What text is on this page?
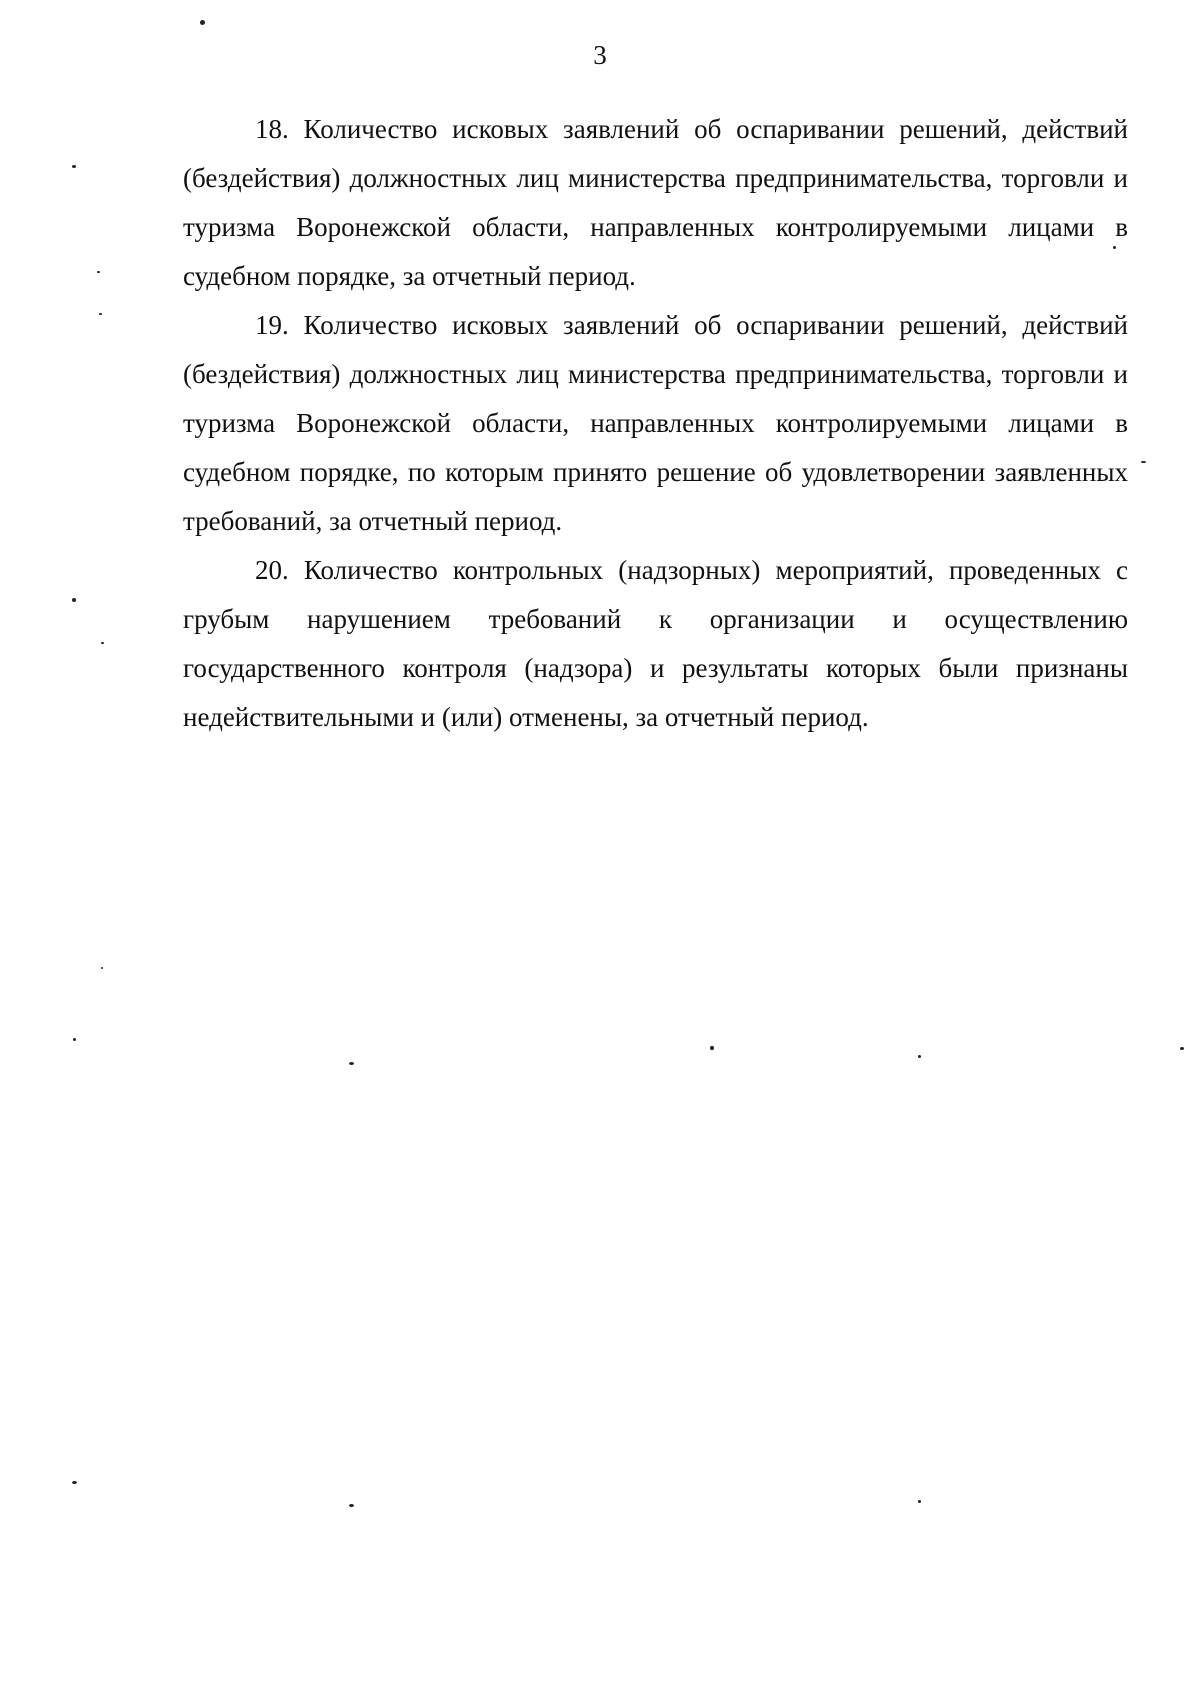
3

18. Количество исковых заявлений об оспаривании решений, действий (бездействия) должностных лиц министерства предпринимательства, торговли и туризма Воронежской области, направленных контролируемыми лицами в судебном порядке, за отчетный период.

19. Количество исковых заявлений об оспаривании решений, действий (бездействия) должностных лиц министерства предпринимательства, торговли и туризма Воронежской области, направленных контролируемыми лицами в судебном порядке, по которым принято решение об удовлетворении заявленных требований, за отчетный период.

20. Количество контрольных (надзорных) мероприятий, проведенных с грубым нарушением требований к организации и осуществлению государственного контроля (надзора) и результаты которых были признаны недействительными и (или) отменены, за отчетный период.
